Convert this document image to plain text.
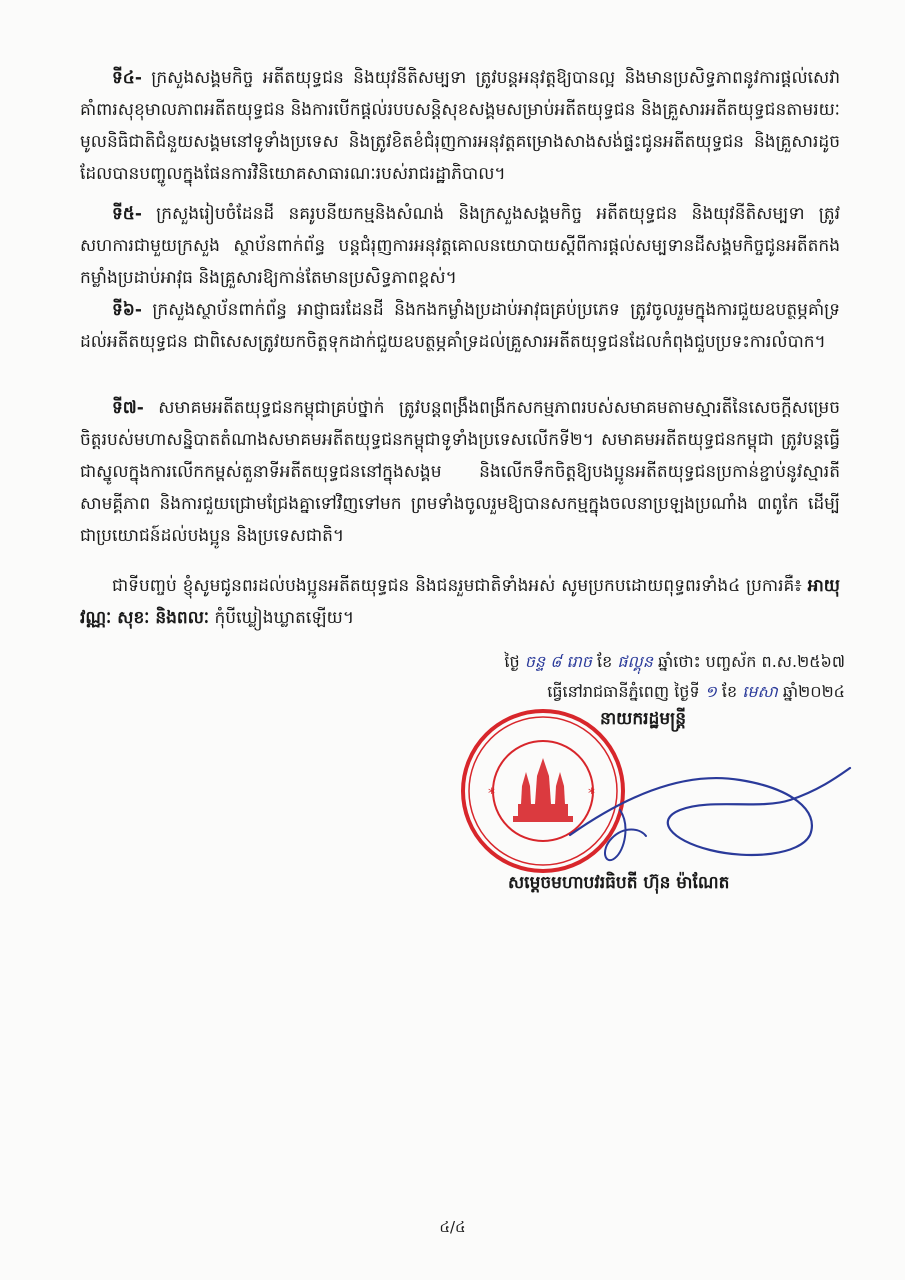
ទី៤- ក្រសួងសង្គមកិច្ច អតីតយុទ្ធជន និងយុវនីតិសម្បទា ត្រូវបន្តអនុវត្តឱ្យបានល្អ និងមានប្រសិទ្ធភាពនូវការផ្តល់សេវាគាំពារសុខុមាលភាពអតីតយុទ្ធជន និងការបើកផ្តល់របបសន្តិសុខសង្គមសម្រាប់អតីតយុទ្ធជន និងគ្រួសារអតីតយុទ្ធជនតាមរយៈមូលនិធិជាតិជំនួយសង្គមនៅទូទាំងប្រទេស និងត្រូវខិតខំជំរុញការអនុវត្តគម្រោងសាងសង់ផ្ទះជូនអតីតយុទ្ធជន និងគ្រួសារដូចដែលបានបញ្ចូលក្នុងផែនការវិនិយោគសាធារណៈរបស់រាជរដ្ឋាភិបាល។
ទី៥- ក្រសួងរៀបចំដែនដី នគរូបនីយកម្មនិងសំណង់ និងក្រសួងសង្គមកិច្ច អតីតយុទ្ធជន និងយុវនីតិសម្បទា ត្រូវសហការជាមួយក្រសួង ស្ថាប័នពាក់ព័ន្ធ បន្តជំរុញការអនុវត្តគោលនយោបាយស្តីពីការផ្តល់សម្បទានដីសង្គមកិច្ចជូនអតីតកងកម្លាំងប្រដាប់អាវុធ និងគ្រួសារឱ្យកាន់តែមានប្រសិទ្ធភាពខ្ពស់។
ទី៦- ក្រសួងស្ថាប័នពាក់ព័ន្ធ អាជ្ញាធរដែនដី និងកងកម្លាំងប្រដាប់អាវុធគ្រប់ប្រភេទ ត្រូវចូលរួមក្នុងការជួយឧបត្ថម្ភគាំទ្រដល់អតីតយុទ្ធជន ជាពិសេសត្រូវយកចិត្តទុកដាក់ជួយឧបត្ថម្ភគាំទ្រដល់គ្រួសារអតីតយុទ្ធជនដែលកំពុងជួបប្រទះការលំបាក។
ទី៧- សមាគមអតីតយុទ្ធជនកម្ពុជាគ្រប់ថ្នាក់ ត្រូវបន្តពង្រឹងពង្រីកសកម្មភាពរបស់សមាគមតាមស្មារតីនៃសេចក្តីសម្រេចចិត្តរបស់មហាសន្និបាតតំណាងសមាគមអតីតយុទ្ធជនកម្ពុជាទូទាំងប្រទេសលើកទី២។ សមាគមអតីតយុទ្ធជនកម្ពុជា ត្រូវបន្តធ្វើជាស្នូលក្នុងការលើកកម្ពស់តួនាទីអតីតយុទ្ធជននៅក្នុងសង្គម និងលើកទឹកចិត្តឱ្យបងប្អូនអតីតយុទ្ធជនប្រកាន់ខ្ជាប់នូវស្មារតីសាមគ្គីភាព និងការជួយជ្រោមជ្រែងគ្នាទៅវិញទៅមក ព្រមទាំងចូលរួមឱ្យបានសកម្មក្នុងចលនាប្រឡងប្រណាំង ៣ពូកែ ដើម្បីជាប្រយោជន៍ដល់បងប្អូន និងប្រទេសជាតិ។
ជាទីបញ្ចប់ ខ្ញុំសូមជូនពរដល់បងប្អូនអតីតយុទ្ធជន និងជនរួមជាតិទាំងអស់ សូមប្រកបដោយពុទ្ធពរទាំង៤ ប្រការគឺ៖ អាយុ វណ្ណៈ សុខៈ និងពលៈ កុំបីឃ្លៀងឃ្លាតឡើយ។
ថ្ងៃ ចន្ទ ៨ រោច ខែ ផល្គុន ឆ្នាំថោះ បញ្ចស័ក ព.ស.២៥៦៧
ធ្វើនៅរាជធានីភ្នំពេញ ថ្ងៃទី ១ ខែ មេសា ឆ្នាំ២០២៤
*	*
នាយករដ្ឋមន្ត្រី
សម្តេចមហាបវរធិបតី ហ៊ុន ម៉ាណែត
៤/៤
